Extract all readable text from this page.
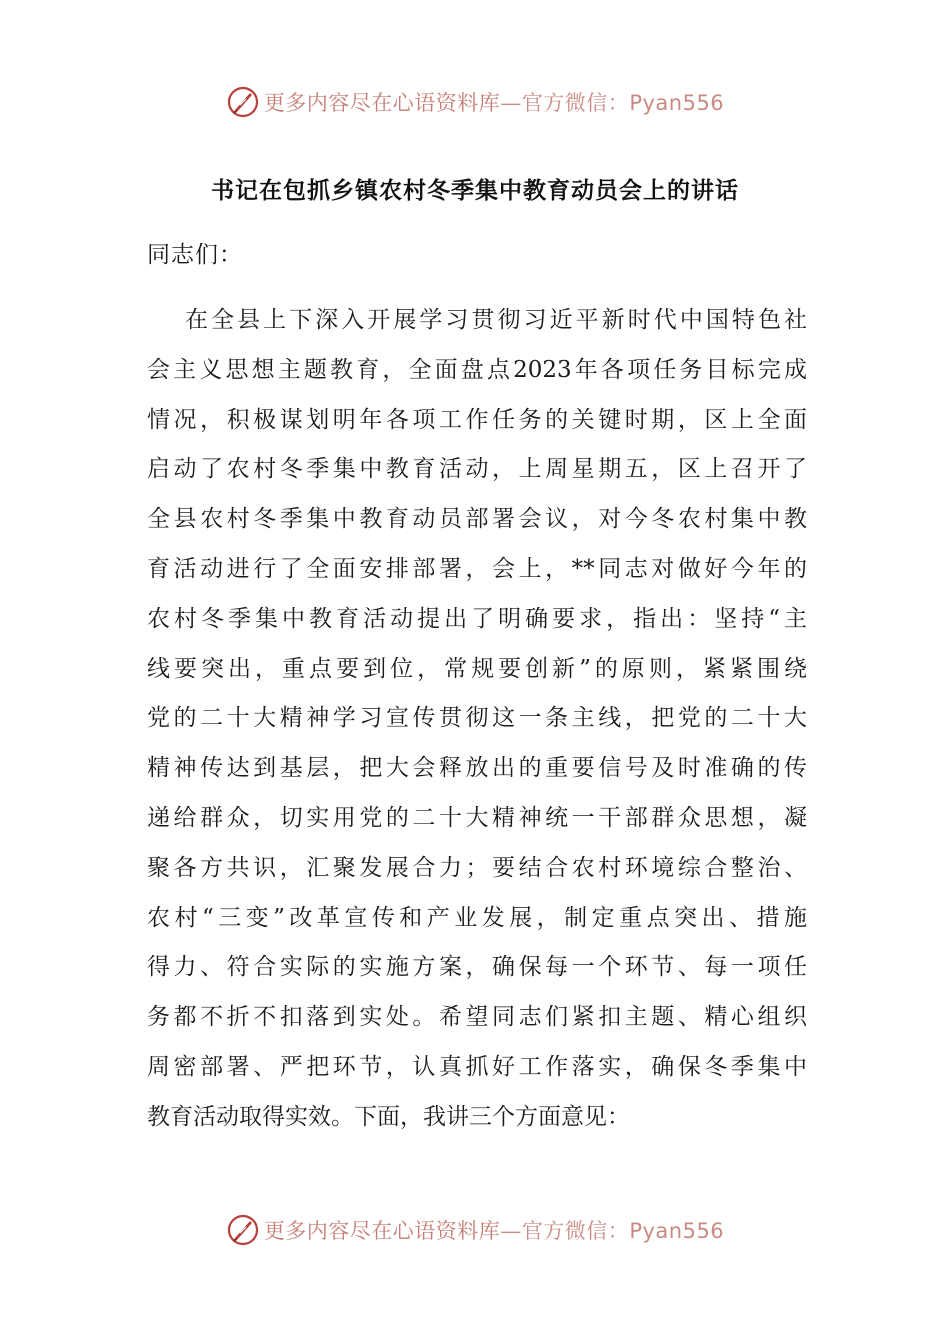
更多内容尽在心语资料库—官方微信：Pyan556
书记在包抓乡镇农村冬季集中教育动员会上的讲话
同志们：
在全县上下深入开展学习贯彻习近平新时代中国特色社
会主义思想主题教育，全面盘点2023年各项任务目标完成
情况，积极谋划明年各项工作任务的关键时期，区上全面
启动了农村冬季集中教育活动，上周星期五，区上召开了
全县农村冬季集中教育动员部署会议，对今冬农村集中教
育活动进行了全面安排部署，会上，**同志对做好今年的
农村冬季集中教育活动提出了明确要求，指出：坚持“主
线要突出，重点要到位，常规要创新”的原则，紧紧围绕
党的二十大精神学习宣传贯彻这一条主线，把党的二十大
精神传达到基层，把大会释放出的重要信号及时准确的传
递给群众，切实用党的二十大精神统一干部群众思想，凝
聚各方共识，汇聚发展合力；要结合农村环境综合整治、
农村“三变”改革宣传和产业发展，制定重点突出、措施
得力、符合实际的实施方案，确保每一个环节、每一项任
务都不折不扣落到实处。希望同志们紧扣主题、精心组织
周密部署、严把环节，认真抓好工作落实，确保冬季集中
教育活动取得实效。下面，我讲三个方面意见：
更多内容尽在心语资料库—官方微信：Pyan556
